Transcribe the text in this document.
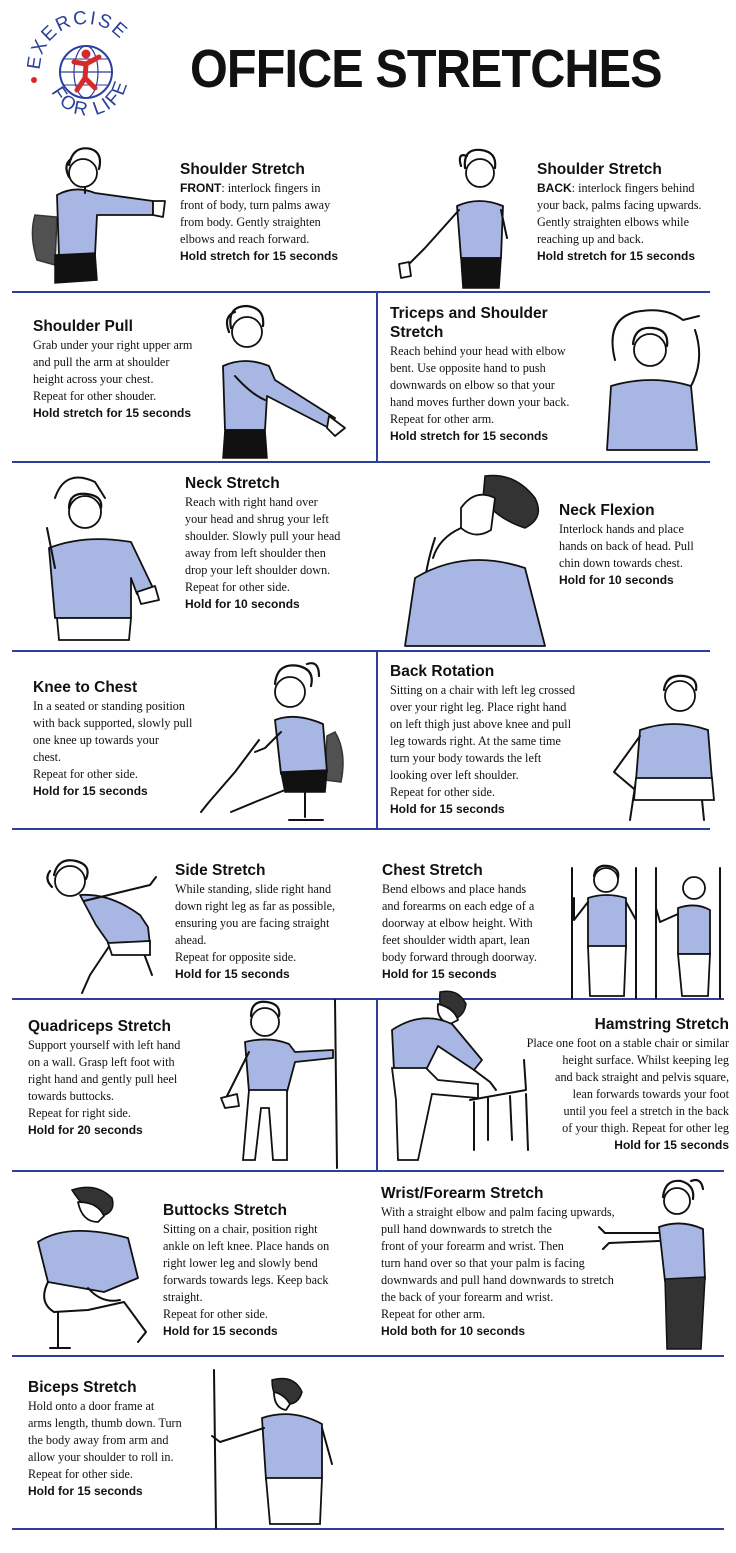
EXERCISE
FOR LIFE OFFICE STRETCHES
Shoulder Stretch

FRONT: interlock fingers in

front of body, turn palms away

from body. Gently straighten

elbows and reach forward.

Hold stretch for 15 seconds

Shoulder Stretch

BACK: interlock fingers behind

your back, palms facing upwards.

Gently straighten elbows while

reaching up and back.

Hold stretch for 15 seconds

Shoulder Pull

Grab under your right upper arm

and pull the arm at shoulder

height across your chest.

Repeat for other shouder.

Hold stretch for 15 seconds

Triceps and Shoulder Stretch

Reach behind your head with elbow

bent. Use opposite hand to push

downwards on elbow so that your

hand moves further down your back.

Repeat for other arm.

Hold stretch for 15 seconds

Neck Stretch

Reach with right hand over

your head and shrug your left

shoulder. Slowly pull your head

away from left shoulder then

drop your left shoulder down.

Repeat for other side.

Hold for 10 seconds

Neck Flexion

Interlock hands and place

hands on back of head. Pull

chin down towards chest.

Hold for 10 seconds

Knee to Chest

In a seated or standing position

with back supported, slowly pull

one knee up towards your

chest.

Repeat for other side.

Hold for 15 seconds

Back Rotation

Sitting on a chair with left leg crossed

over your right leg. Place right hand

on left thigh just above knee and pull

leg towards right. At the same time

turn your body towards the left

looking over left shoulder.

Repeat for other side.

Hold for 15 seconds

Side Stretch

While standing, slide right hand

down right leg as far as possible,

ensuring you are facing straight

ahead.

Repeat for opposite side.

Hold for 15 seconds

Chest Stretch

Bend elbows and place hands

and forearms on each edge of a

doorway at elbow height. With

feet shoulder width apart, lean

body forward through doorway.

Hold for 15 seconds

Quadriceps Stretch

Support yourself with left hand

on a wall. Grasp left foot with

right hand and gently pull heel

towards buttocks.

Repeat for right side.

Hold for 20 seconds

Hamstring Stretch

Place one foot on a stable chair or similar

height surface. Whilst keeping leg

and back straight and pelvis square,

lean forwards towards your foot

until you feel a stretch in the back

of your thigh. Repeat for other leg

Hold for 15 seconds

Buttocks Stretch

Sitting on a chair, position right

ankle on left knee. Place hands on

right lower leg and slowly bend

forwards towards legs. Keep back

straight.

Repeat for other side.

Hold for 15 seconds

Wrist/Forearm Stretch

With a straight elbow and palm facing upwards,

pull hand downwards to stretch the

front of your forearm and wrist. Then

turn hand over so that your palm is facing

downwards and pull hand downwards to stretch

the back of your forearm and wrist.

Repeat for other arm.

Hold both for 10 seconds

Biceps Stretch

Hold onto a door frame at

arms length, thumb down. Turn

the body away from arm and

allow your shoulder to roll in.

Repeat for other side.

Hold for 15 seconds
